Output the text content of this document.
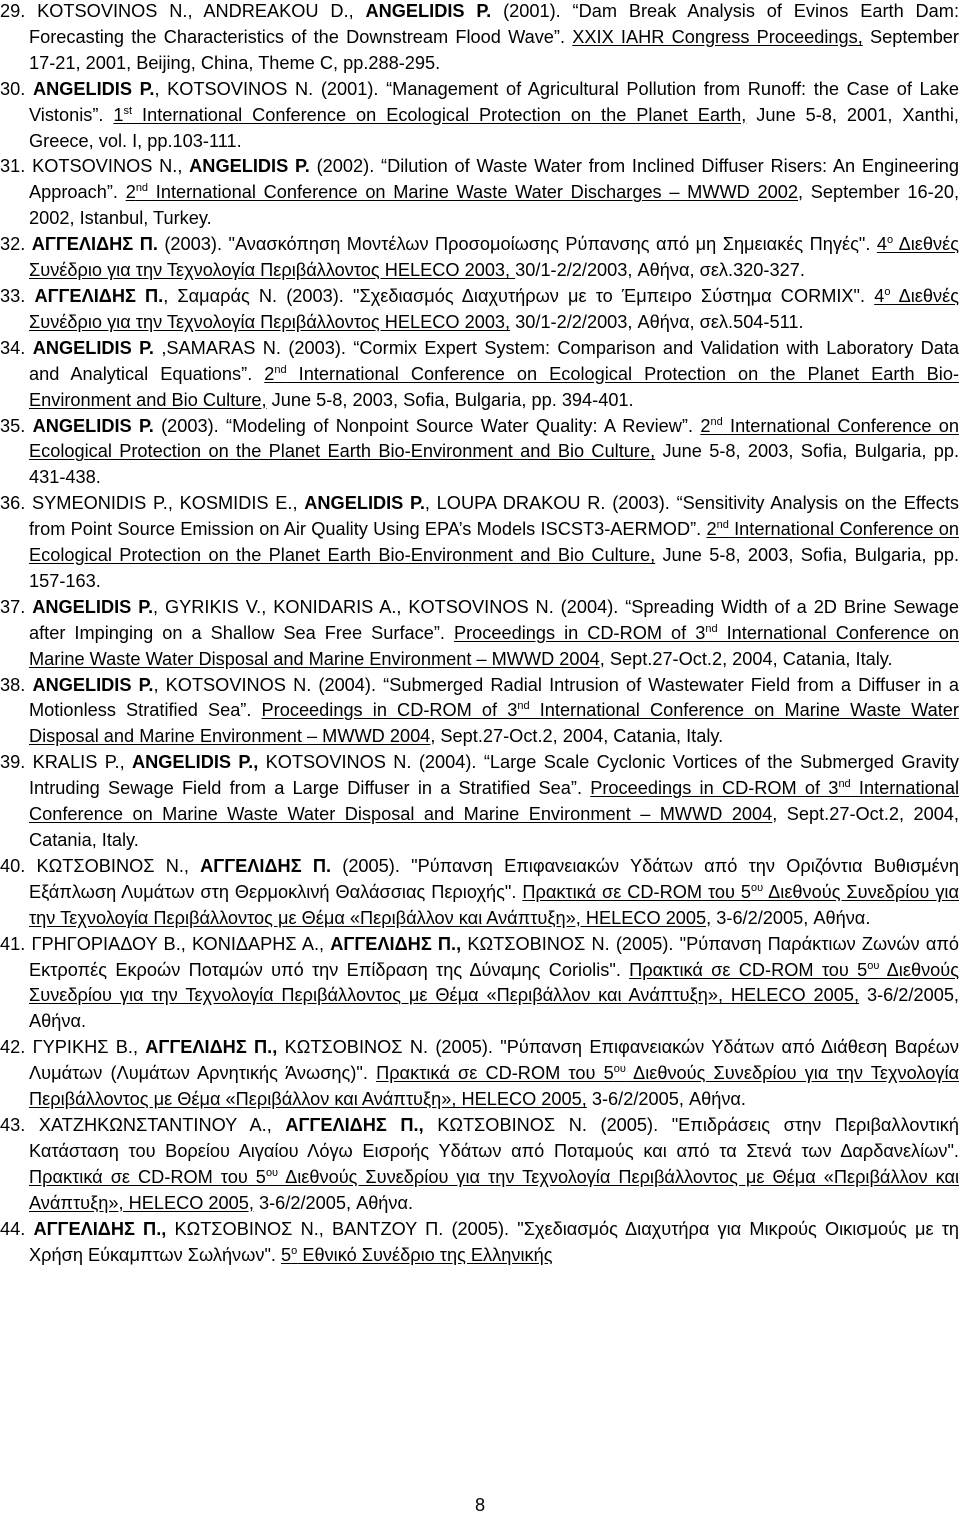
29. KOTSOVINOS N., ANDREAKOU D., ANGELIDIS P. (2001). “Dam Break Analysis of Evinos Earth Dam: Forecasting the Characteristics of the Downstream Flood Wave”. XXIX IAHR Congress Proceedings, September 17-21, 2001, Beijing, China, Theme C, pp.288-295.

30. ANGELIDIS P., KOTSOVINOS N. (2001). “Management of Agricultural Pollution from Runoff: the Case of Lake Vistonis”. 1st International Conference on Ecological Protection on the Planet Earth, June 5-8, 2001, Xanthi, Greece, vol. I, pp.103-111.

31. KOTSOVINOS N., ANGELIDIS P. (2002). “Dilution of Waste Water from Inclined Diffuser Risers: An Engineering Approach”. 2nd International Conference on Marine Waste Water Discharges – MWWD 2002, September 16-20, 2002, Istanbul, Turkey.

32. ΑΓΓΕΛΙΔΗΣ Π. (2003). "Ανασκόπηση Μοντέλων Προσομοίωσης Ρύπανσης από μη Σημειακές Πηγές". $4^o$ Διεθνές Συνέδριο για την Τεχνολογία Περιβάλλοντος HELECO 2003, 30/1-2/2/2003, Αθήνα, σελ.320-327.

33. ΑΓΓΕΛΙΔΗΣ Π., Σαμαράς Ν. (2003). "Σχεδιασμός Διαχυτήρων με το Έμπειρο Σύστημα CORMIX". $4^o$ Διεθνές Συνέδριο για την Τεχνολογία Περιβάλλοντος HELECO 2003, 30/1-2/2/2003, Αθήνα, σελ.504-511.

34. ANGELIDIS P. ,SAMARAS N. (2003). “Cormix Expert System: Comparison and Validation with Laboratory Data and Analytical Equations”. 2nd International Conference on Ecological Protection on the Planet Earth Bio-Environment and Bio Culture, June 5-8, 2003, Sofia, Bulgaria, pp. 394-401.

35. ANGELIDIS P. (2003). “Modeling of Nonpoint Source Water Quality: A Review”. 2nd International Conference on Ecological Protection on the Planet Earth Bio-Environment and Bio Culture, June 5-8, 2003, Sofia, Bulgaria, pp. 431-438.

36. SYMEONIDIS P., KOSMIDIS E., ANGELIDIS P., LOUPA DRAKOU R. (2003). “Sensitivity Analysis on the Effects from Point Source Emission on Air Quality Using EPA’s Models ISCST3-AERMOD”. 2nd International Conference on Ecological Protection on the Planet Earth Bio-Environment and Bio Culture, June 5-8, 2003, Sofia, Bulgaria, pp. 157-163.

37. ANGELIDIS P., GYRIKIS V., KONIDARIS A., KOTSOVINOS N. (2004). “Spreading Width of a 2D Brine Sewage after Impinging on a Shallow Sea Free Surface”. Proceedings in CD-ROM of 3nd International Conference on Marine Waste Water Disposal and Marine Environment – MWWD 2004, Sept.27-Oct.2, 2004, Catania, Italy.

38. ANGELIDIS P., KOTSOVINOS N. (2004). “Submerged Radial Intrusion of Wastewater Field from a Diffuser in a Motionless Stratified Sea”. Proceedings in CD-ROM of 3nd International Conference on Marine Waste Water Disposal and Marine Environment – MWWD 2004, Sept.27-Oct.2, 2004, Catania, Italy.

39. KRALIS P., ANGELIDIS P., KOTSOVINOS N. (2004). “Large Scale Cyclonic Vortices of the Submerged Gravity Intruding Sewage Field from a Large Diffuser in a Stratified Sea”. Proceedings in CD-ROM of 3nd International Conference on Marine Waste Water Disposal and Marine Environment – MWWD 2004, Sept.27-Oct.2, 2004, Catania, Italy.

40. ΚΩΤΣΟΒΙΝΟΣ Ν., ΑΓΓΕΛΙΔΗΣ Π. (2005). "Ρύπανση Επιφανειακών Υδάτων από την Οριζόντια Βυθισμένη Εξάπλωση Λυμάτων στη Θερμοκλινή Θαλάσσιας Περιοχής". Πρακτικά σε CD-ROM του $5^{o\upsilon}$ Διεθνούς Συνεδρίου για την Τεχνολογία Περιβάλλοντος με Θέμα «Περιβάλλον και Ανάπτυξη», HELECO 2005, 3-6/2/2005, Αθήνα.

41. ΓΡΗΓΟΡΙΑΔΟΥ Β., ΚΟΝΙΔΑΡΗΣ Α., ΑΓΓΕΛΙΔΗΣ Π., ΚΩΤΣΟΒΙΝΟΣ Ν. (2005). "Ρύπανση Παράκτιων Ζωνών από Εκτροπές Εκροών Ποταμών υπό την Επίδραση της Δύναμης Coriolis". Πρακτικά σε CD-ROM του $5^{o\upsilon}$ Διεθνούς Συνεδρίου για την Τεχνολογία Περιβάλλοντος με Θέμα «Περιβάλλον και Ανάπτυξη», HELECO 2005, 3-6/2/2005, Αθήνα.

42. ΓΥΡΙΚΗΣ Β., ΑΓΓΕΛΙΔΗΣ Π., ΚΩΤΣΟΒΙΝΟΣ Ν. (2005). "Ρύπανση Επιφανειακών Υδάτων από Διάθεση Βαρέων Λυμάτων (Λυμάτων Αρνητικής Άνωσης)". Πρακτικά σε CD-ROM του $5^{o\upsilon}$ Διεθνούς Συνεδρίου για την Τεχνολογία Περιβάλλοντος με Θέμα «Περιβάλλον και Ανάπτυξη», HELECO 2005, 3-6/2/2005, Αθήνα.

43. ΧΑΤΖΗΚΩΝΣΤΑΝΤΙΝΟΥ Α., ΑΓΓΕΛΙΔΗΣ Π., ΚΩΤΣΟΒΙΝΟΣ Ν. (2005). "Επιδράσεις στην Περιβαλλοντική Κατάσταση του Βορείου Αιγαίου Λόγω Εισροής Υδάτων από Ποταμούς και από τα Στενά των Δαρδανελίων". Πρακτικά σε CD-ROM του $5^{o\upsilon}$ Διεθνούς Συνεδρίου για την Τεχνολογία Περιβάλλοντος με Θέμα «Περιβάλλον και Ανάπτυξη», HELECO 2005, 3-6/2/2005, Αθήνα.

44. ΑΓΓΕΛΙΔΗΣ Π., ΚΩΤΣΟΒΙΝΟΣ Ν., ΒΑΝΤΖΟΥ Π. (2005). "Σχεδιασμός Διαχυτήρα για Μικρούς Οικισμούς με τη Χρήση Εύκαμπτων Σωλήνων". $5^o$ Εθνικό Συνέδριο της Ελληνικής

8
